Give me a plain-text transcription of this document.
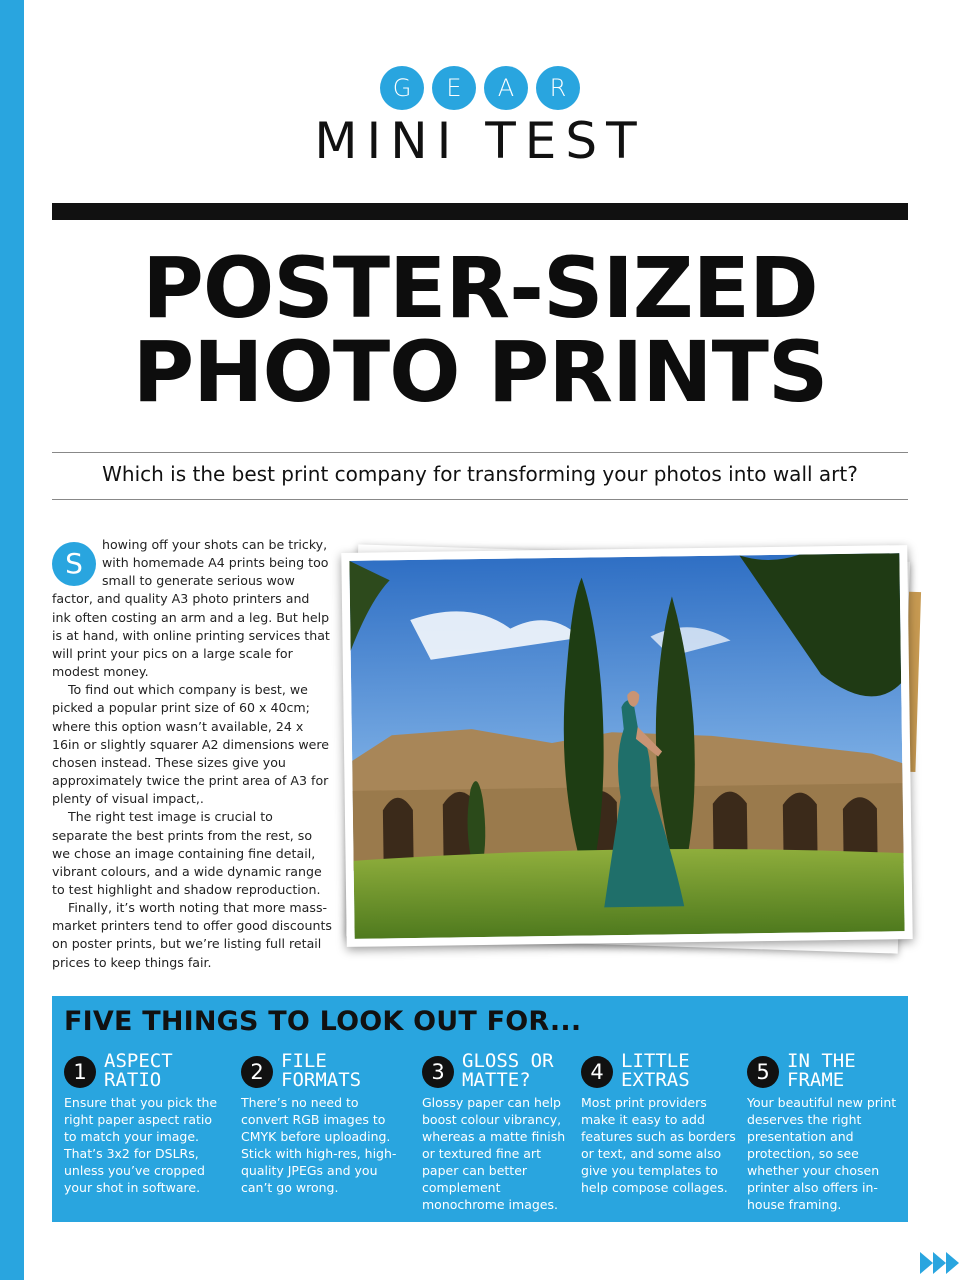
G	E	A	R
MINI TEST
POSTER-SIZED
PHOTO PRINTS
Which is the best print company for transforming your photos into wall art?
S

howing off your shots can be tricky, with homemade A4 prints being too small to generate serious wow factor, and quality A3 photo printers and ink often costing an arm and a leg. But help is at hand, with online printing services that will print your pics on a large scale for modest money.

To find out which company is best, we picked a popular print size of 60 x 40cm; where this option wasn’t available, 24 x 16in or slightly squarer A2 dimensions were chosen instead. These sizes give you approximately twice the print area of A3 for plenty of visual impact,.

The right test image is crucial to separate the best prints from the rest, so we chose an image containing fine detail, vibrant colours, and a wide dynamic range to test highlight and shadow reproduction.

Finally, it’s worth noting that more mass-market printers tend to offer good discounts on poster prints, but we’re listing full retail prices to keep things fair.

FIVE THINGS TO LOOK OUT FOR...
1 ASPECT
RATIO
Ensure that you pick the right paper aspect ratio to match your image. That’s 3x2 for DSLRs, unless you’ve cropped your shot in software.
2 FILE
FORMATS
There’s no need to convert RGB images to CMYK before uploading. Stick with high-res, high-quality JPEGs and you can’t go wrong.
3 GLOSS OR
MATTE?
Glossy paper can help boost colour vibrancy, whereas a matte finish or textured fine art paper can better complement monochrome images.
4 LITTLE
EXTRAS
Most print providers make it easy to add features such as borders or text, and some also give you templates to help compose collages.
5 IN THE
FRAME
Your beautiful new print deserves the right presentation and protection, so see whether your chosen printer also offers in-house framing.
